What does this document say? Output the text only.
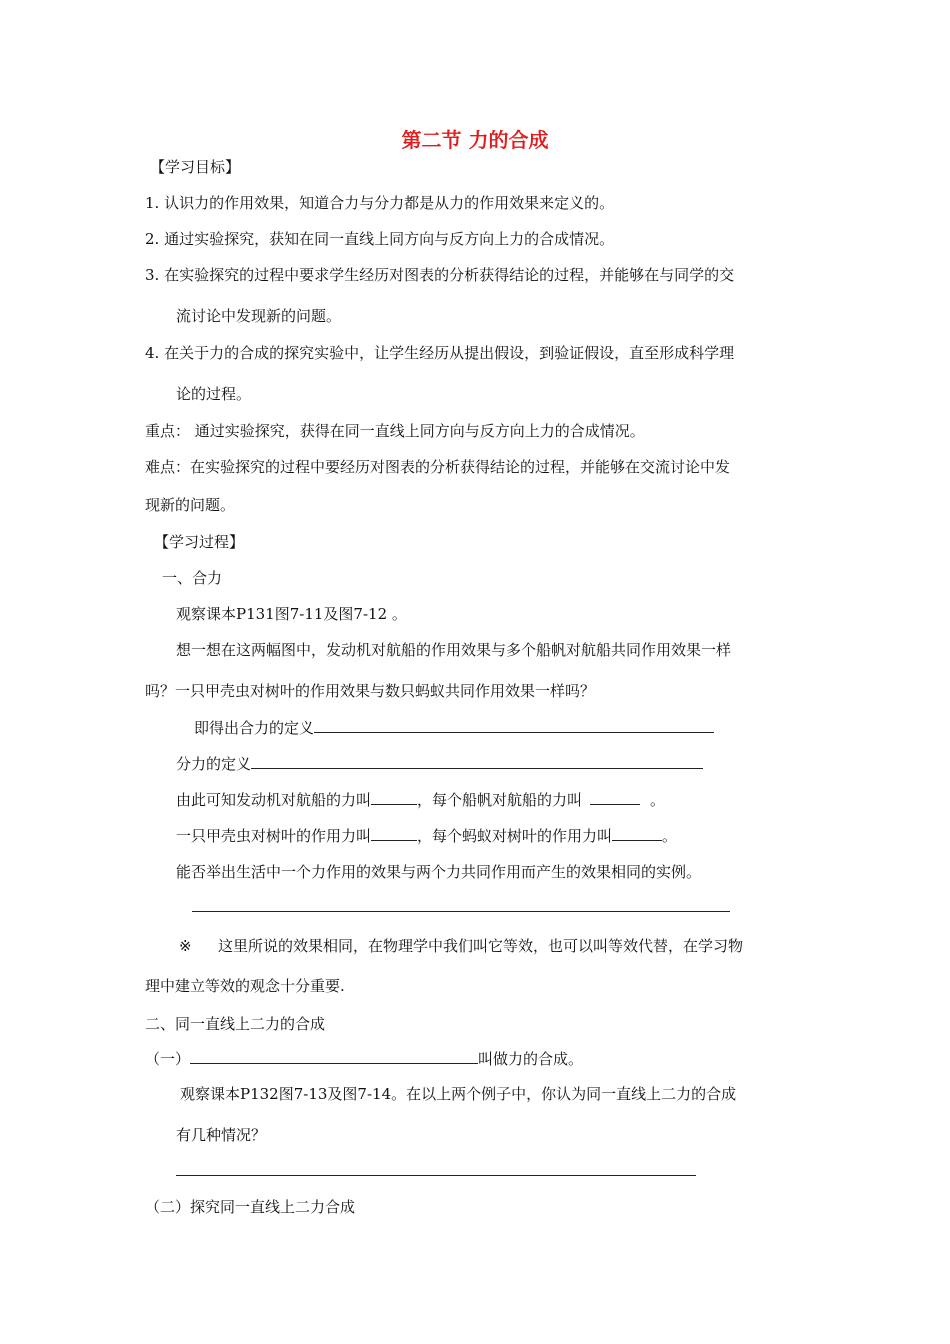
第二节 力的合成
【学习目标】
1. 认识力的作用效果，知道合力与分力都是从力的作用效果来定义的。
2. 通过实验探究，获知在同一直线上同方向与反方向上力的合成情况。
3. 在实验探究的过程中要求学生经历对图表的分析获得结论的过程，并能够在与同学的交
流讨论中发现新的问题。
4. 在关于力的合成的探究实验中，让学生经历从提出假设，到验证假设，直至形成科学理
论的过程。
重点： 通过实验探究，获得在同一直线上同方向与反方向上力的合成情况。
难点：在实验探究的过程中要经历对图表的分析获得结论的过程，并能够在交流讨论中发
现新的问题。
【学习过程】
一、合力
观察课本P131图7-11及图7-12 。
想一想在这两幅图中，发动机对航船的作用效果与多个船帆对航船共同作用效果一样
吗？一只甲壳虫对树叶的作用效果与数只蚂蚁共同作用效果一样吗？
即得出合力的定义
分力的定义
由此可知发动机对航船的力叫	，每个船帆对航船的力叫	。
一只甲壳虫对树叶的作用力叫	，每个蚂蚁对树叶的作用力叫	。
能否举出生活中一个力作用的效果与两个力共同作用而产生的效果相同的实例。
※ 这里所说的效果相同，在物理学中我们叫它等效，也可以叫等效代替，在学习物
理中建立等效的观念十分重要.
二、同一直线上二力的合成
（一）	叫做力的合成。
观察课本P132图7-13及图7-14。在以上两个例子中，你认为同一直线上二力的合成
有几种情况？
（二）探究同一直线上二力合成
